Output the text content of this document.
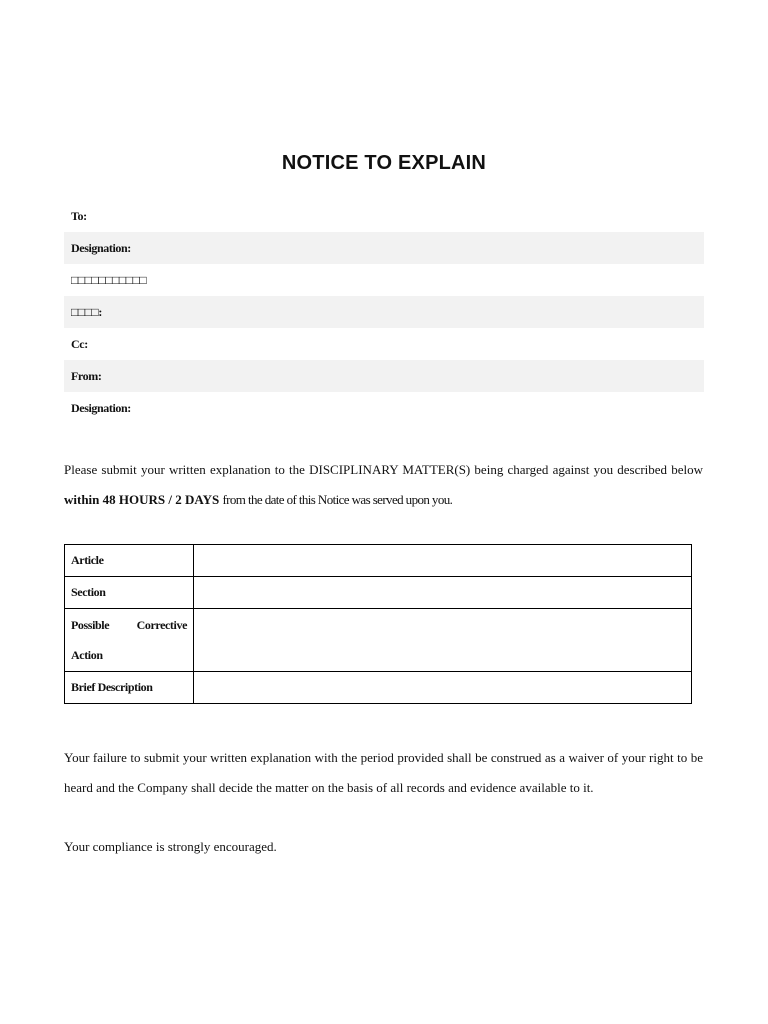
NOTICE TO EXPLAIN
To:
Designation:
□□□□□□□□□□□
□□□□:
Cc:
From:
Designation:
Please submit your written explanation to the DISCIPLINARY MATTER(S) being charged against you described below within 48 HOURS / 2 DAYS from the date of this Notice was served upon you.
Article	
Section	
Possible Corrective Action	
Brief Description	
Your failure to submit your written explanation with the period provided shall be construed as a waiver of your right to be heard and the Company shall decide the matter on the basis of all records and evidence available to it.
Your compliance is strongly encouraged.
